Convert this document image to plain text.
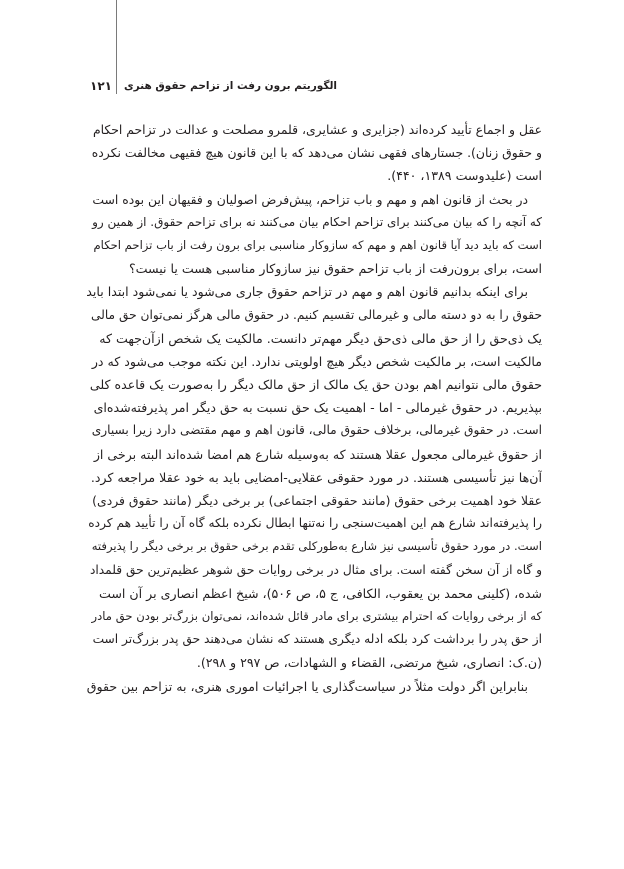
۱۲۱ الگوریتم برون رفت از تزاحم حقوق هنری
عقل و اجماع تأیید کرده‌اند (جزایری و عشایری، قلمرو مصلحت و عدالت در تزاحم احکام
و حقوق زنان). جستارهای فقهی نشان می‌دهد که با این قانون هیچ فقیهی مخالفت نکرده
است (علیدوست ۱۳۸۹، ۴۴۰).
در بحث از قانون اهم و مهم و باب تزاحم، پیش‌فرض اصولیان و فقیهان این بوده است
که آنچه را که بیان می‌کنند برای تزاحم احکام بیان می‌کنند نه برای تزاحم حقوق. از همین رو
است که باید دید آیا قانون اهم و مهم که سازوکار مناسبی برای برون رفت از باب تزاحم احکام
است، برای برون‌رفت از باب تزاحم حقوق نیز سازوکار مناسبی هست یا نیست؟
برای اینکه بدانیم قانون اهم و مهم در تزاحم حقوق جاری می‌شود یا نمی‌شود ابتدا باید
حقوق را به دو دسته مالی و غیرمالی تقسیم کنیم. در حقوق مالی هرگز نمی‌توان حق مالی
یک ذی‌حق را از حق مالی ذی‌حق دیگر مهم‌تر دانست. مالکیت یک شخص ازآن‌جهت که
مالکیت است، بر مالکیت شخص دیگر هیچ اولویتی ندارد. این نکته موجب می‌شود که در
حقوق مالی نتوانیم اهم بودن حق یک مالک از حق مالک دیگر را به‌صورت یک قاعده کلی
بپذیریم. در حقوق غیرمالی - اما - اهمیت یک حق نسبت به حق دیگر امر پذیرفته‌شده‌ای
است. در حقوق غیرمالی، برخلاف حقوق مالی، قانون اهم و مهم مقتضی دارد زیرا بسیاری
از حقوق غیرمالی مجعول عقلا هستند که به‌وسیله شارع هم امضا شده‌اند البته برخی از
آن‌ها نیز تأسیسی هستند. در مورد حقوقی عقلایی-امضایی باید به خود عقلا مراجعه کرد.
عقلا خود اهمیت برخی حقوق (مانند حقوقی اجتماعی) بر برخی دیگر (مانند حقوق فردی)
را پذیرفته‌اند شارع هم این اهمیت‌سنجی را نه‌تنها ابطال نکرده بلکه گاه آن را تأیید هم کرده
است. در مورد حقوق تأسیسی نیز شارع به‌طورکلی تقدم برخی حقوق بر برخی دیگر را پذیرفته
و گاه از آن سخن گفته است. برای مثال در برخی روایات حق شوهر عظیم‌ترین حق قلمداد
شده، (کلینی محمد بن یعقوب، الکافی، ج ۵، ص ۵۰۶)، شیخ اعظم انصاری بر آن است
که از برخی روایات که احترام بیشتری برای مادر قائل شده‌اند، نمی‌توان بزرگ‌تر بودن حق مادر
از حق پدر را برداشت کرد بلکه ادله دیگری هستند که نشان می‌دهند حق پدر بزرگ‌تر است
(ن.ک: انصاری، شیخ مرتضی، القضاء و الشهادات، ص ۲۹۷ و ۲۹۸).
بنابراین اگر دولت مثلاً در سیاست‌گذاری یا اجرائیات اموری هنری، به تزاحم بین حقوق
